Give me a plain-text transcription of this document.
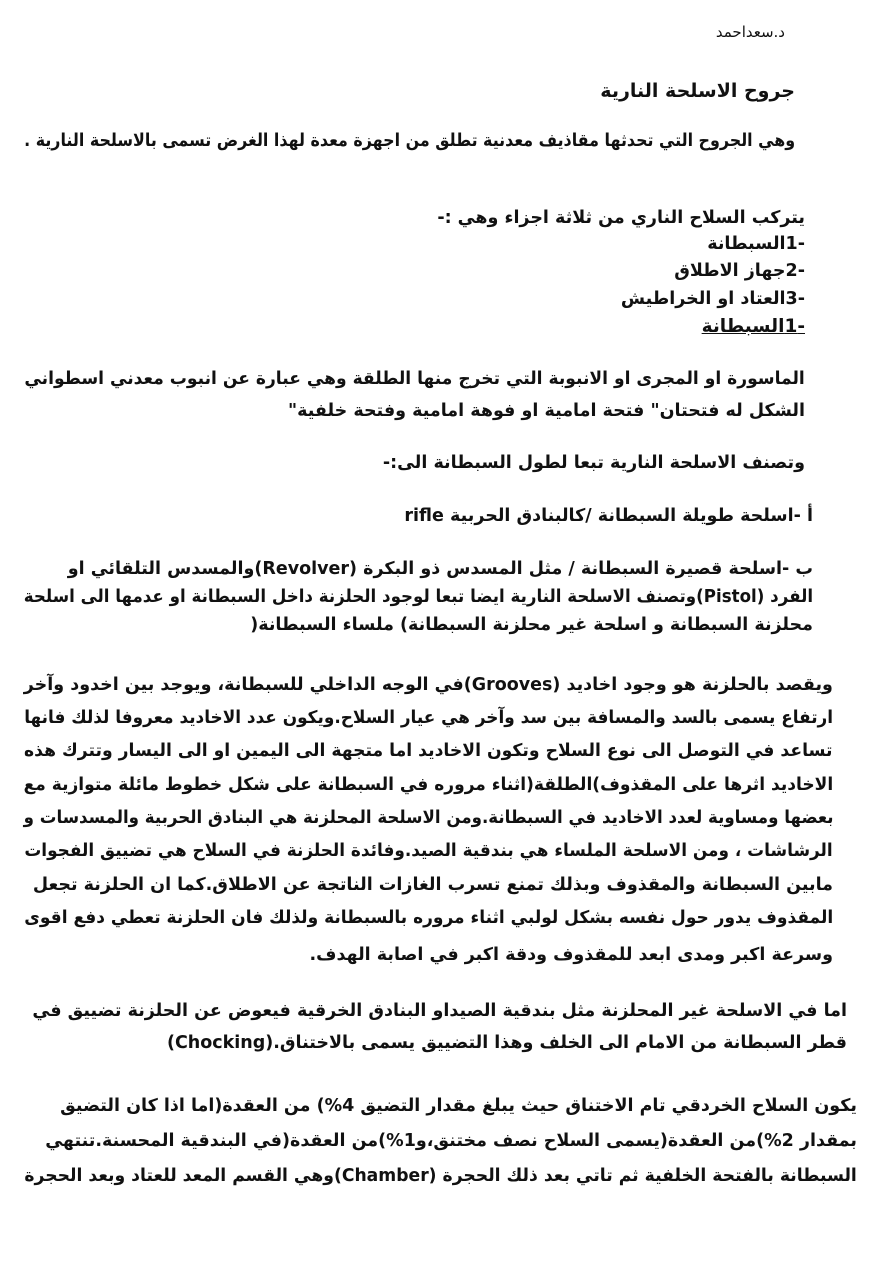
د.سعداحمد
جروح الاسلحة النارية
وهي الجروح التي تحدثها مقاذيف معدنية تطلق من اجهزة معدة لهذا الغرض تسمى بالاسلحة النارية .
يتركب السلاح الناري من ثلاثة اجزاء وهي :-
-1السبطانة
-2جهاز الاطلاق
-3العتاد او الخراطيش
-1السبطانة
الماسورة او المجرى او الانبوبة التي تخرج منها الطلقة وهي عبارة عن انبوب معدني اسطواني
الشكل له فتحتان" فتحة امامية او فوهة امامية وفتحة خلفية"
وتصنف الاسلحة النارية تبعا لطول السبطانة الى:-
أ -اسلحة طويلة السبطانة /كالبنادق الحربية rifle
ب -اسلحة قصيرة السبطانة / مثل المسدس ذو البكرة (Revolver)والمسدس التلقائي او
الفرد (Pistol)وتصنف الاسلحة النارية ايضا تبعا لوجود الحلزنة داخل السبطانة او عدمها الى اسلحة
محلزنة السبطانة و اسلحة غير محلزنة السبطانة) ملساء السبطانة(
ويقصد بالحلزنة هو وجود اخاديد (Grooves)في الوجه الداخلي للسبطانة، ويوجد بين اخدود وآخر
ارتفاع يسمى بالسد والمسافة بين سد وآخر هي عيار السلاح.ويكون عدد الاخاديد معروفا لذلك فانها
تساعد في التوصل الى نوع السلاح وتكون الاخاديد اما متجهة الى اليمين او الى اليسار وتترك هذه
الاخاديد اثرها على المقذوف)الطلقة(اثناء مروره في السبطانة على شكل خطوط مائلة متوازية مع
بعضها ومساوية لعدد الاخاديد في السبطانة.ومن الاسلحة المحلزنة هي البنادق الحربية والمسدسات و
الرشاشات ، ومن الاسلحة الملساء هي بندقية الصيد.وفائدة الحلزنة في السلاح هي تضييق الفجوات
مابين السبطانة والمقذوف وبذلك تمنع تسرب الغازات الناتجة عن الاطلاق.كما ان الحلزنة تجعل
المقذوف يدور حول نفسه بشكل لولبي اثناء مروره بالسبطانة ولذلك فان الحلزنة تعطي دفع اقوى
وسرعة اكبر ومدى ابعد للمقذوف ودقة اكبر في اصابة الهدف.
اما في الاسلحة غير المحلزنة مثل بندقية الصيداو البنادق الخرقية فيعوض عن الحلزنة تضييق في
قطر السبطانة من الامام الى الخلف وهذا التضييق يسمى بالاختناق.(Chocking)
يكون السلاح الخردقي تام الاختناق حيث يبلغ مقدار التضيق 4%) من العقدة(اما اذا كان التضيق
بمقدار 2%)من العقدة(يسمى السلاح نصف مختنق،و1%)من العقدة(في البندقية المحسنة.تنتهي
السبطانة بالفتحة الخلفية ثم تاتي بعد ذلك الحجرة (Chamber)وهي القسم المعد للعتاد وبعد الحجرة
